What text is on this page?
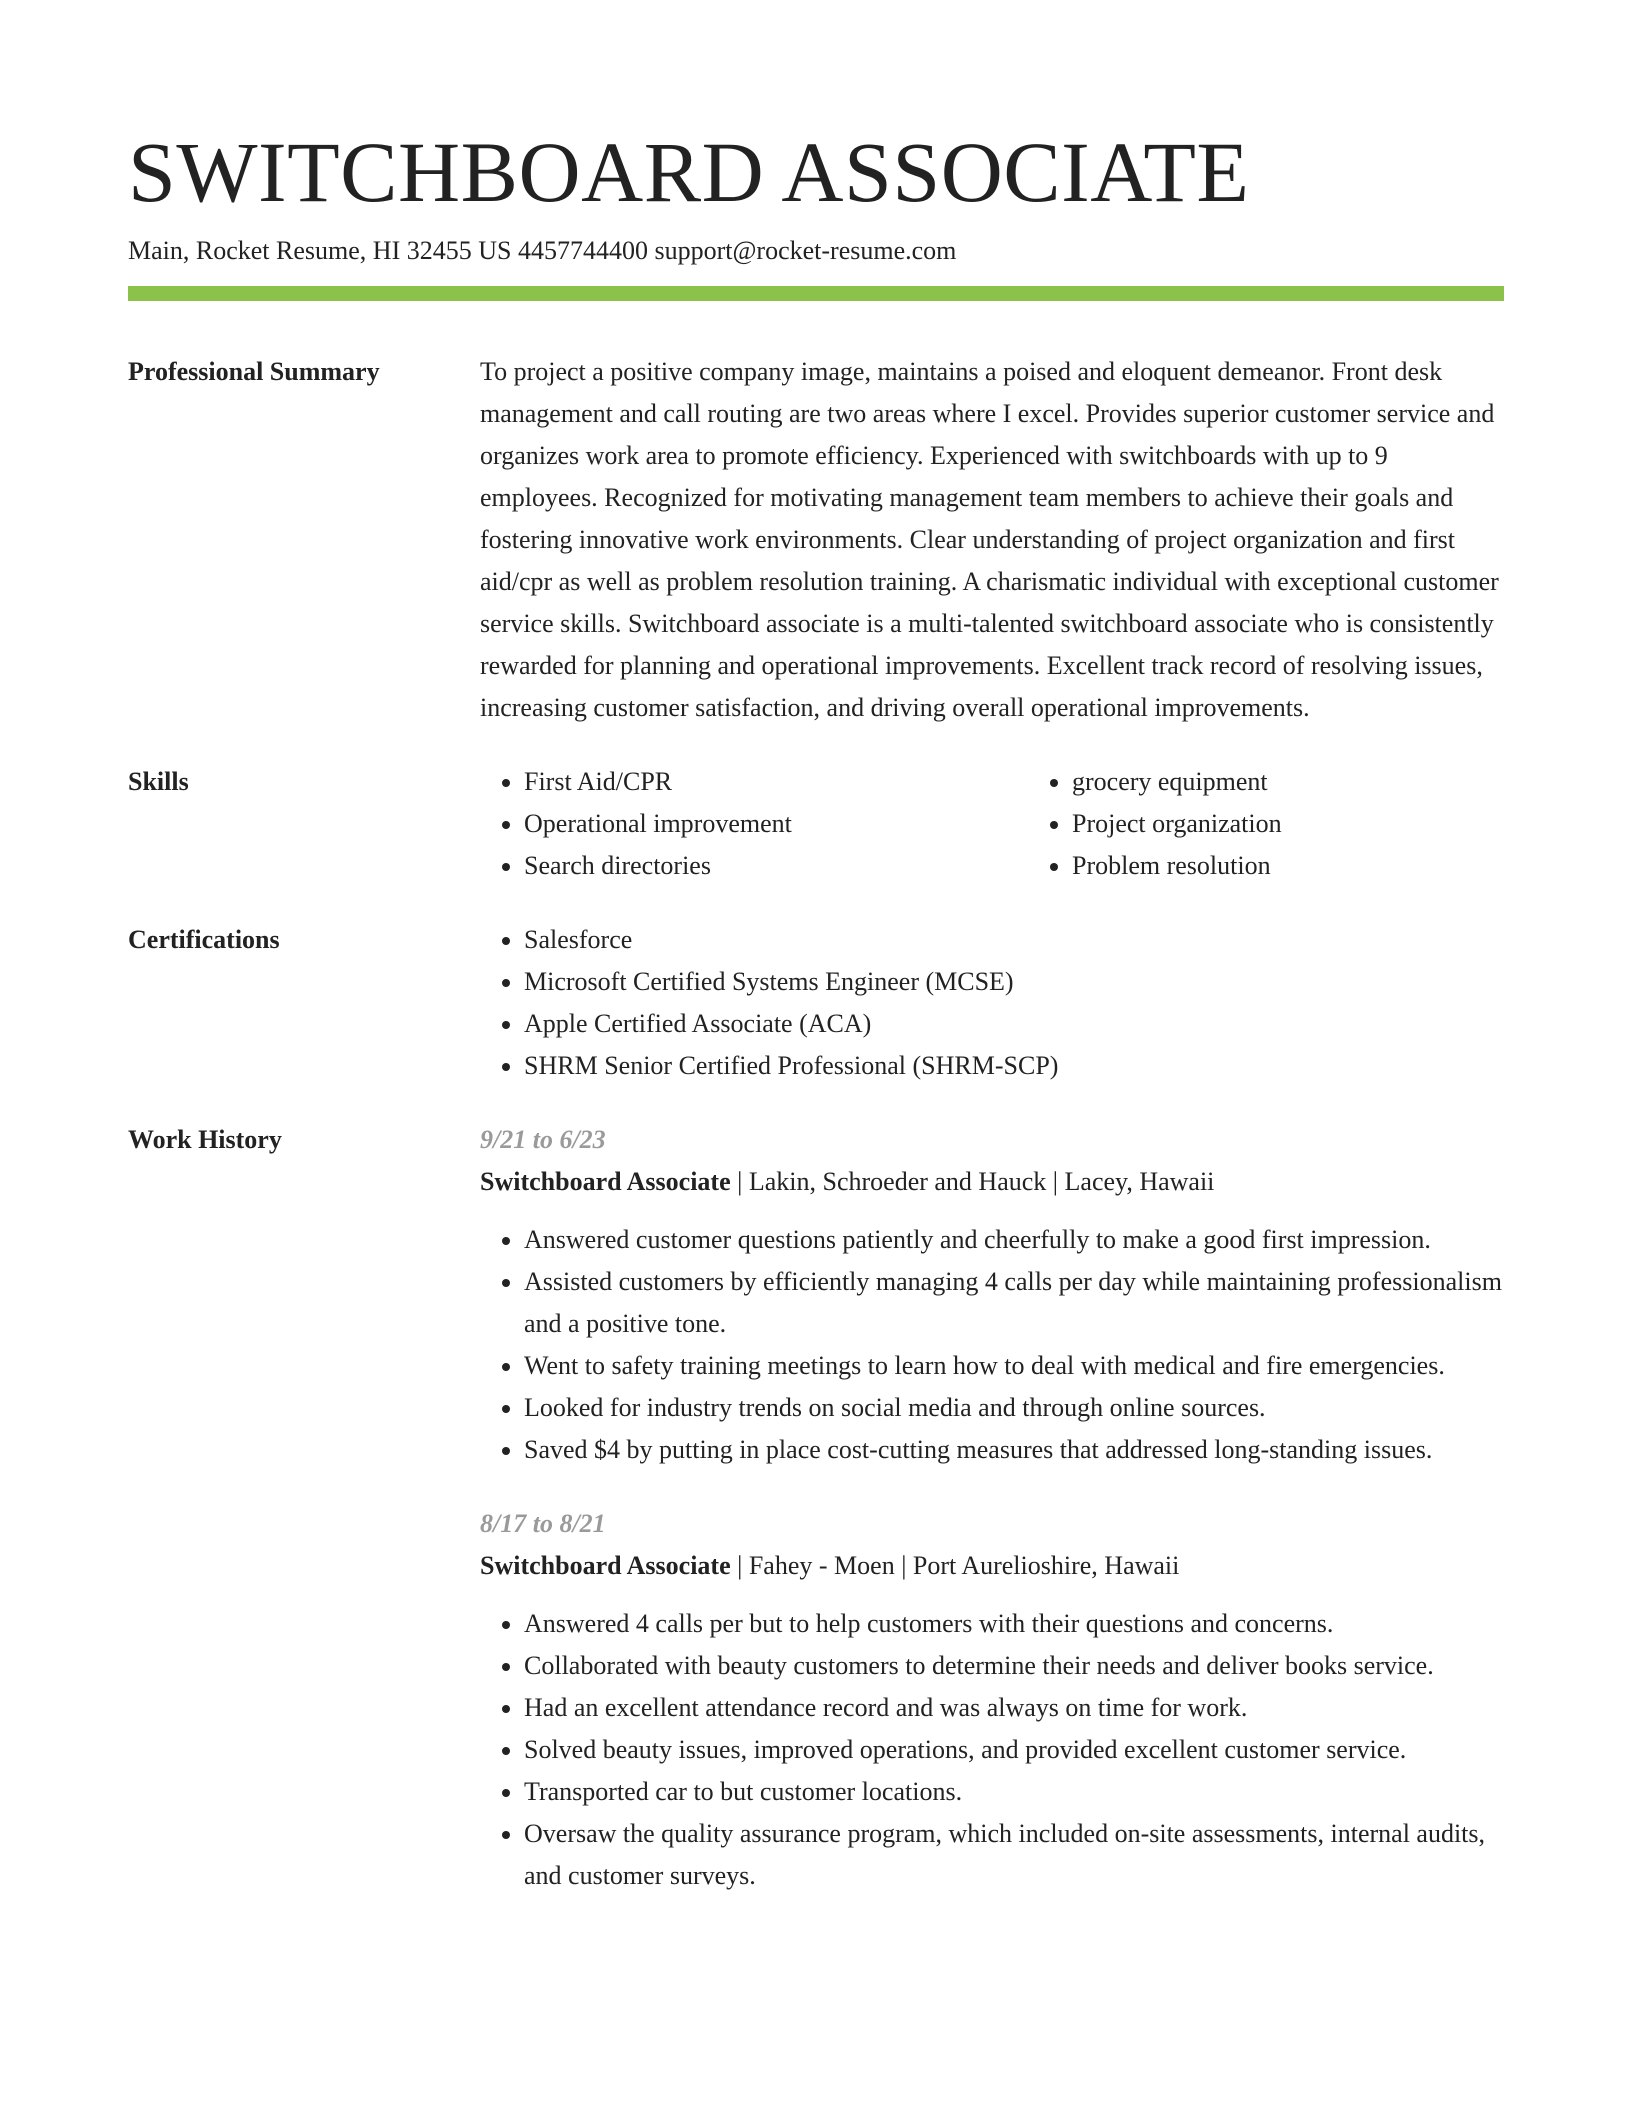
SWITCHBOARD ASSOCIATE
Main, Rocket Resume, HI 32455 US 4457744400 support@rocket-resume.com
Professional Summary	To project a positive company image, maintains a poised and eloquent demeanor. Front desk management and call routing are two areas where I excel. Provides superior customer service and organizes work area to promote efficiency. Experienced with switchboards with up to 9 employees. Recognized for motivating management team members to achieve their goals and fostering innovative work environments. Clear understanding of project organization and first aid/cpr as well as problem resolution training. A charismatic individual with exceptional customer service skills. Switchboard associate is a multi-talented switchboard associate who is consistently rewarded for planning and operational improvements. Excellent track record of resolving issues, increasing customer satisfaction, and driving overall operational improvements.

Skills	• First Aid/CPR
• Operational improvement
• Search directories
• grocery equipment
• Project organization
• Problem resolution
Certifications	• Salesforce
• Microsoft Certified Systems Engineer (MCSE)
• Apple Certified Associate (ACA)
• SHRM Senior Certified Professional (SHRM-SCP)
Work History	9/21 to 6/23
Switchboard Associate | Lakin, Schroeder and Hauck | Lacey, Hawaii
• Answered customer questions patiently and cheerfully to make a good first impression.
• Assisted customers by efficiently managing 4 calls per day while maintaining professionalism and a positive tone.
• Went to safety training meetings to learn how to deal with medical and fire emergencies.
• Looked for industry trends on social media and through online sources.
• Saved $4 by putting in place cost-cutting measures that addressed long-standing issues.
8/17 to 8/21
Switchboard Associate | Fahey - Moen | Port Aurelioshire, Hawaii
• Answered 4 calls per but to help customers with their questions and concerns.
• Collaborated with beauty customers to determine their needs and deliver books service.
• Had an excellent attendance record and was always on time for work.
• Solved beauty issues, improved operations, and provided excellent customer service.
• Transported car to but customer locations.
• Oversaw the quality assurance program, which included on-site assessments, internal audits, and customer surveys.
